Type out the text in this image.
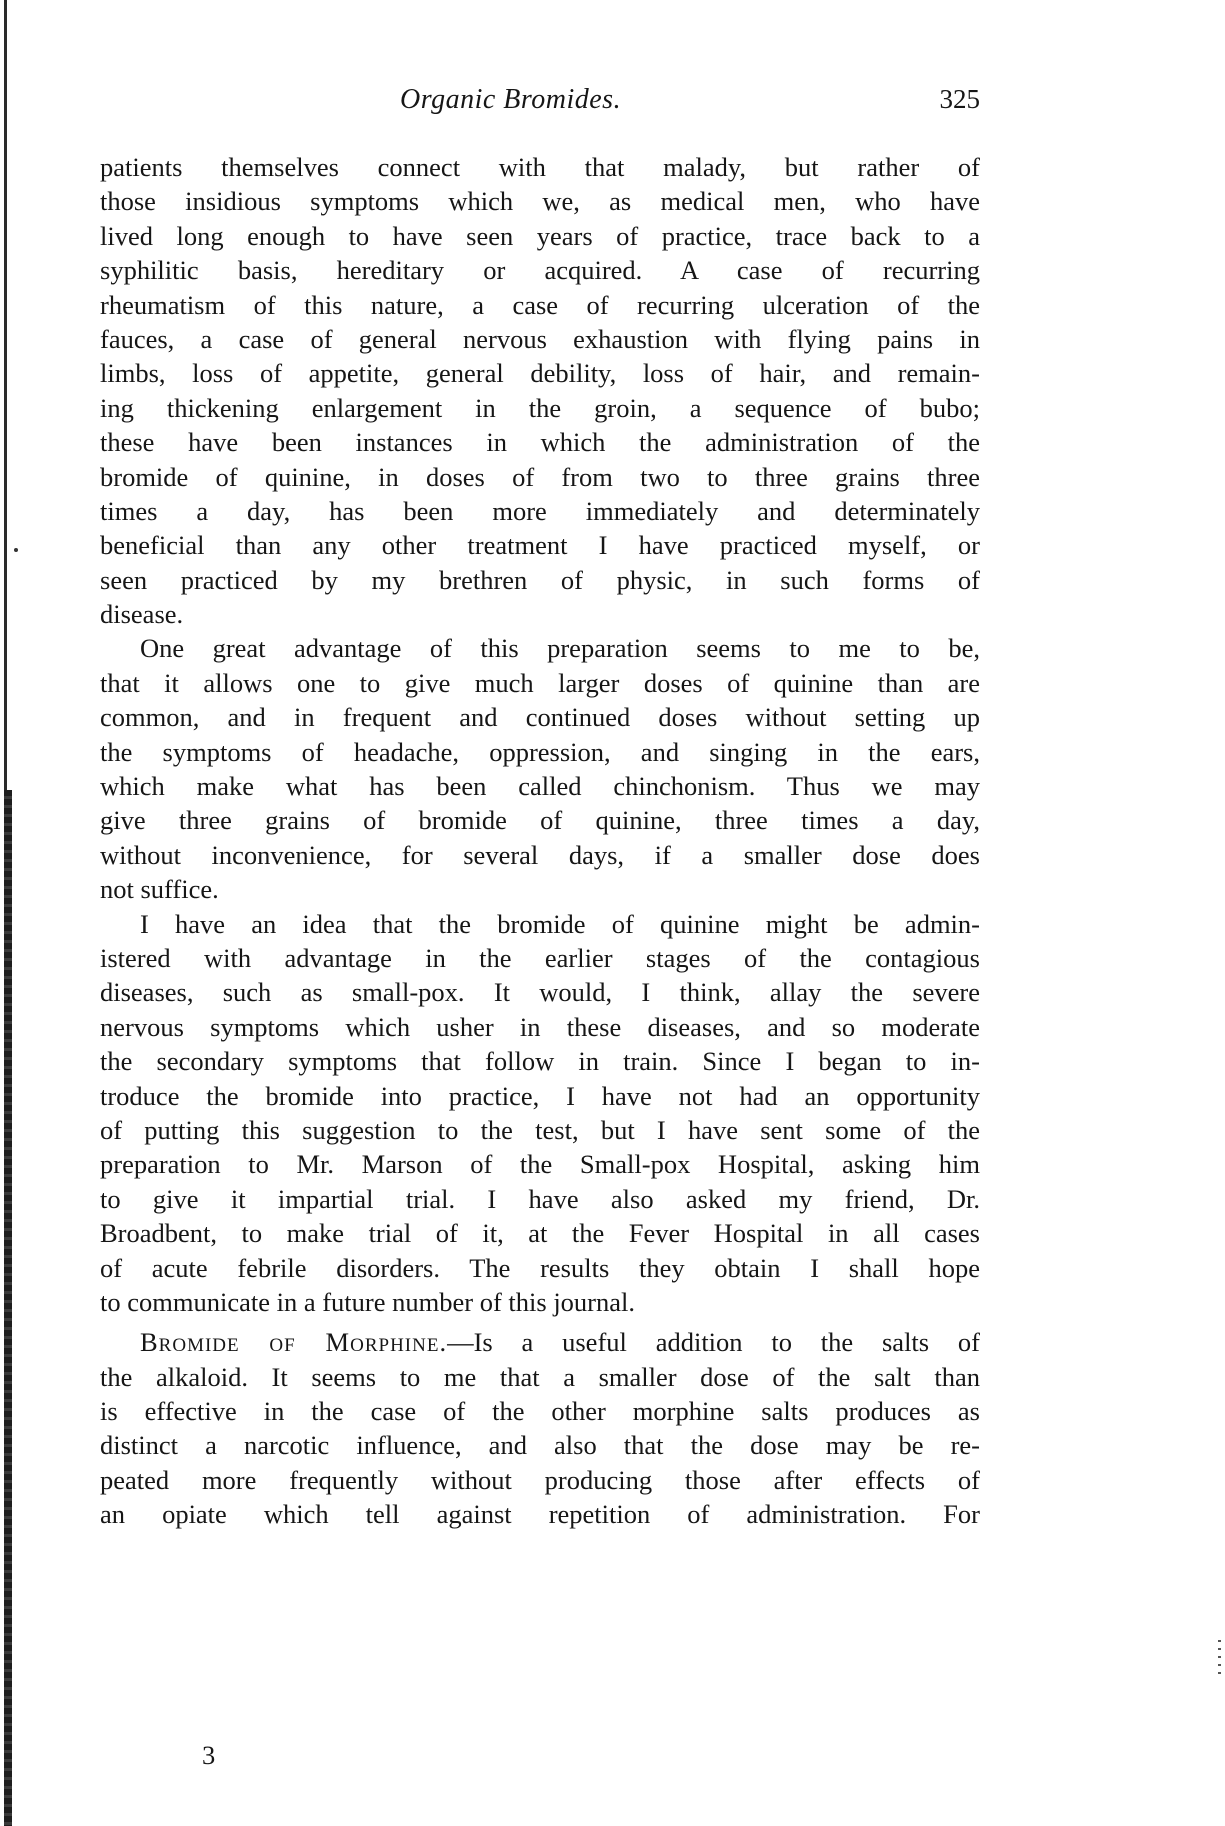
Organic Bromides.	325
patients themselves connect with that malady, but rather of
those insidious symptoms which we, as medical men, who have
lived long enough to have seen years of practice, trace back to a
syphilitic basis, hereditary or acquired. A case of recurring
rheumatism of this nature, a case of recurring ulceration of the
fauces, a case of general nervous exhaustion with flying pains in
limbs, loss of appetite, general debility, loss of hair, and remain-
ing thickening enlargement in the groin, a sequence of bubo;
these have been instances in which the administration of the
bromide of quinine, in doses of from two to three grains three
times a day, has been more immediately and determinately
beneficial than any other treatment I have practiced myself, or
seen practiced by my brethren of physic, in such forms of
disease.
One great advantage of this preparation seems to me to be,
that it allows one to give much larger doses of quinine than are
common, and in frequent and continued doses without setting up
the symptoms of headache, oppression, and singing in the ears,
which make what has been called chinchonism. Thus we may
give three grains of bromide of quinine, three times a day,
without inconvenience, for several days, if a smaller dose does
not suffice.
I have an idea that the bromide of quinine might be admin-
istered with advantage in the earlier stages of the contagious
diseases, such as small-pox. It would, I think, allay the severe
nervous symptoms which usher in these diseases, and so moderate
the secondary symptoms that follow in train. Since I began to in-
troduce the bromide into practice, I have not had an opportunity
of putting this suggestion to the test, but I have sent some of the
preparation to Mr. Marson of the Small-pox Hospital, asking him
to give it impartial trial. I have also asked my friend, Dr.
Broadbent, to make trial of it, at the Fever Hospital in all cases
of acute febrile disorders. The results they obtain I shall hope
to communicate in a future number of this journal.
Bromide of Morphine.—Is a useful addition to the salts of
the alkaloid. It seems to me that a smaller dose of the salt than
is effective in the case of the other morphine salts produces as
distinct a narcotic influence, and also that the dose may be re-
peated more frequently without producing those after effects of
an opiate which tell against repetition of administration. For
3
